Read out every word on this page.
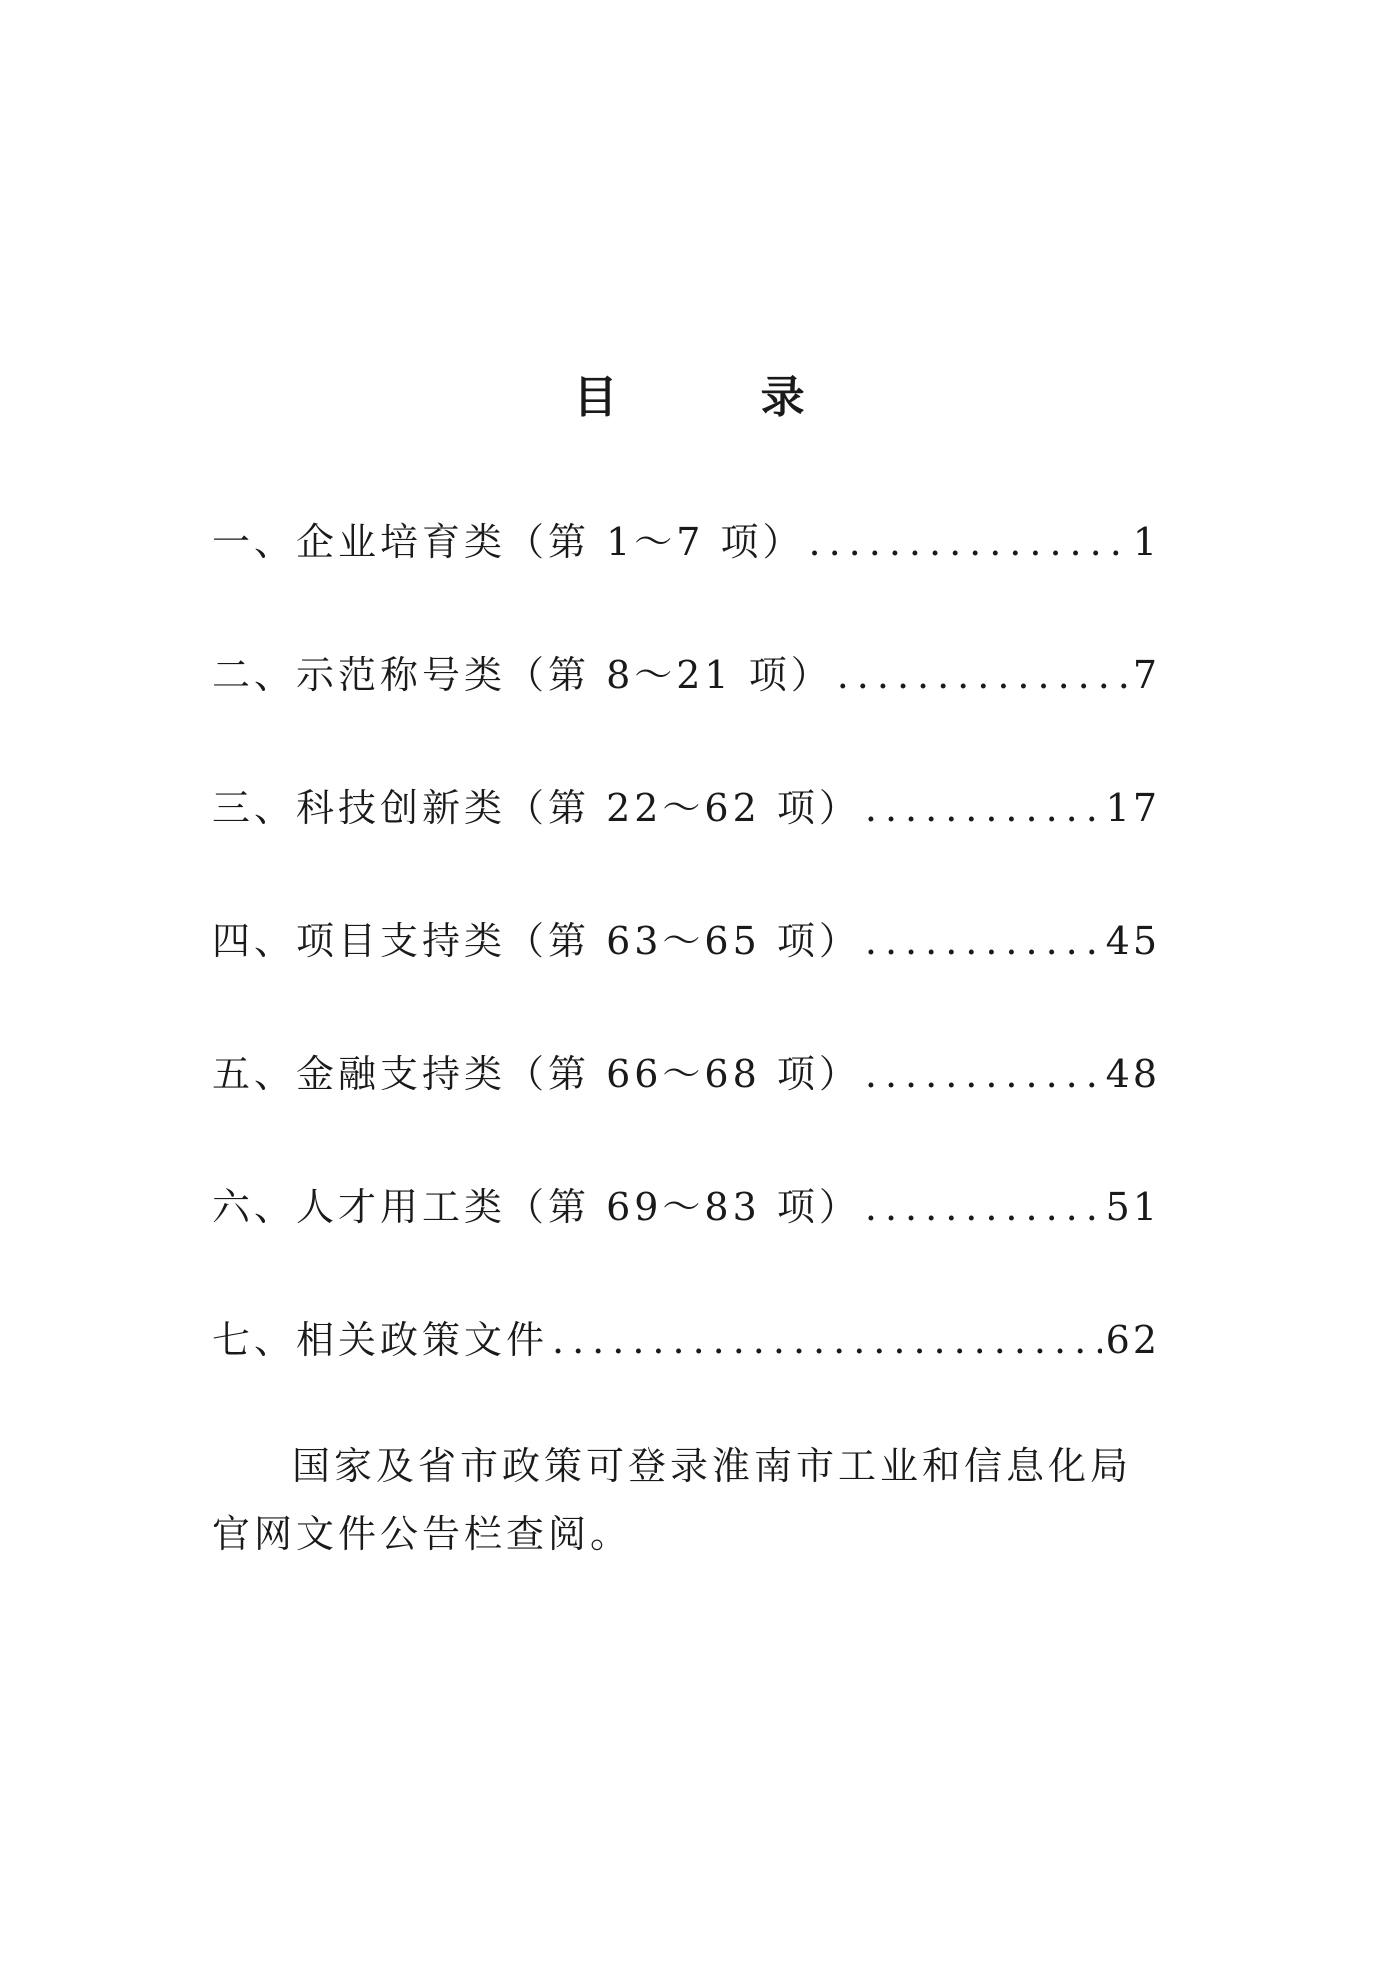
目 录
一、企业培育类（第 1～7 项） .....	1
二、示范称号类（第 8～21 项） .....	7
三、科技创新类（第 22～62 项） .....	17
四、项目支持类（第 63～65 项） .....	45
五、金融支持类（第 66～68 项） .....	48
六、人才用工类（第 69～83 项） .....	51
七、相关政策文件 .....	62

国家及省市政策可登录淮南市工业和信息化局官网文件公告栏查阅。
